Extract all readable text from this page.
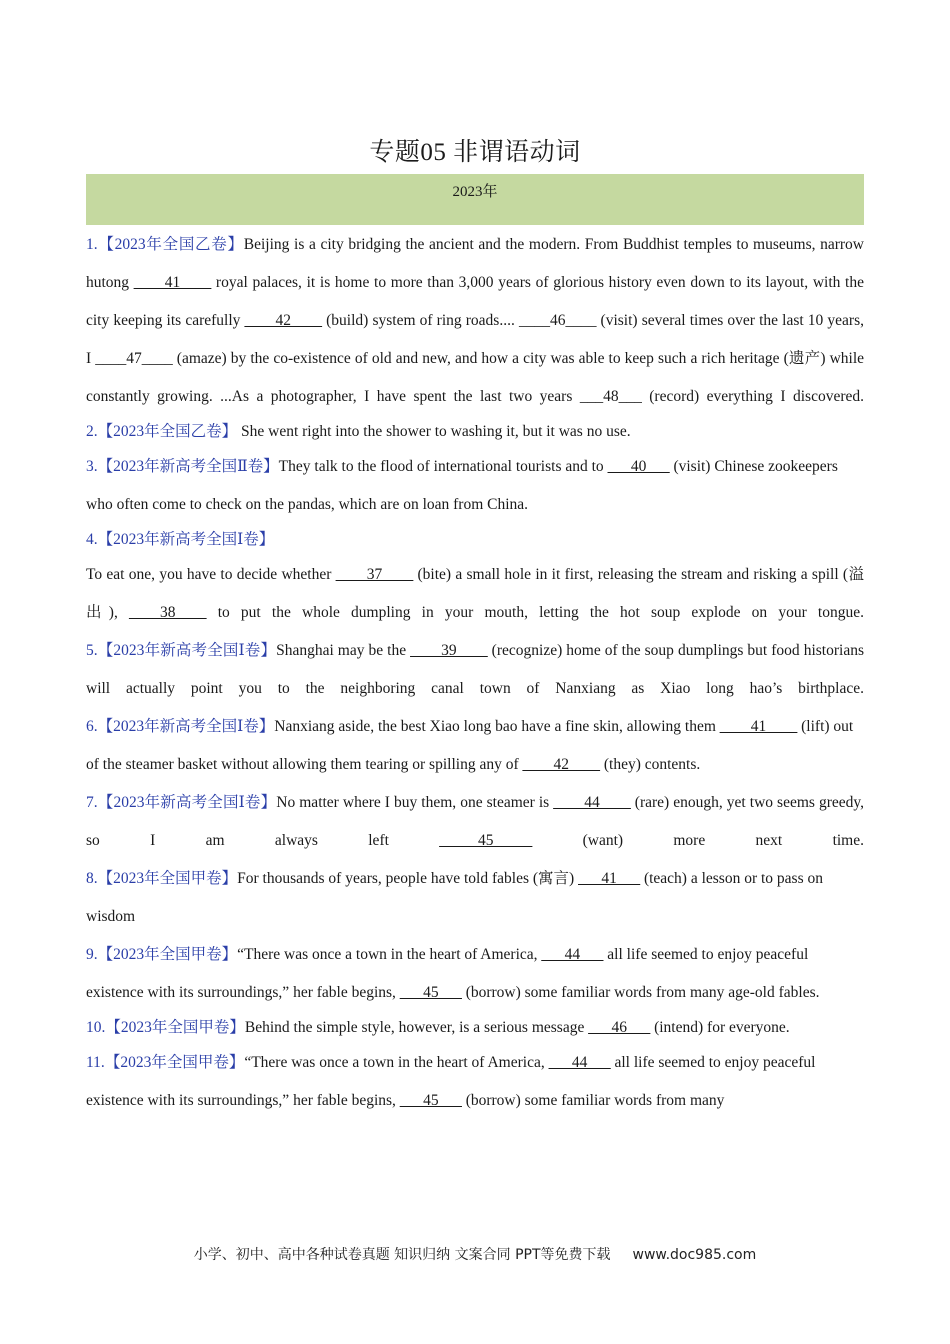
专题05 非谓语动词
2023年

1.【2023年全国乙卷】Beijing is a city bridging the ancient and the modern. From Buddhist temples to museums, narrow hutong ____41____ royal palaces, it is home to more than 3,000 years of glorious history even down to its layout, with the city keeping its carefully ____42____ (build) system of ring roads.... ____46____ (visit) several times over the last 10 years, I ____47____ (amaze) by the co-existence of old and new, and how a city was able to keep such a rich heritage (遗产) while constantly growing. ...As a photographer, I have spent the last two years ___48___ (record) everything I discovered.

2.【2023年全国乙卷】 She went right into the shower to washing it, but it was no use.

3.【2023年新高考全国Ⅱ卷】They talk to the flood of international tourists and to ___40___ (visit) Chinese zookeepers who often come to check on the pandas, which are on loan from China.

4.【2023年新高考全国Ⅰ卷】

To eat one, you have to decide whether ____37____ (bite) a small hole in it first, releasing the stream and risking a spill (溢出), ____38____ to put the whole dumpling in your mouth, letting the hot soup explode on your tongue.

5.【2023年新高考全国Ⅰ卷】Shanghai may be the ____39____ (recognize) home of the soup dumplings but food historians will actually point you to the neighboring canal town of Nanxiang as Xiao long hao’s birthplace.

6.【2023年新高考全国Ⅰ卷】Nanxiang aside, the best Xiao long bao have a fine skin, allowing them ____41____ (lift) out of the steamer basket without allowing them tearing or spilling any of ____42____ (they) contents.

7.【2023年新高考全国Ⅰ卷】No matter where I buy them, one steamer is ____44____ (rare) enough, yet two seems greedy, so I am always left _____45_____ (want) more next time.

8.【2023年全国甲卷】For thousands of years, people have told fables (寓言) ___41___ (teach) a lesson or to pass on wisdom

9.【2023年全国甲卷】“There was once a town in the heart of America, ___44___ all life seemed to enjoy peaceful existence with its surroundings,” her fable begins, ___45___ (borrow) some familiar words from many age-old fables.

10.【2023年全国甲卷】Behind the simple style, however, is a serious message ___46___ (intend) for everyone.

11.【2023年全国甲卷】“There was once a town in the heart of America, ___44___ all life seemed to enjoy peaceful existence with its surroundings,” her fable begins, ___45___ (borrow) some familiar words from many

小学、初中、高中各种试卷真题 知识归纳 文案合同 PPT等免费下载 www.doc985.com
